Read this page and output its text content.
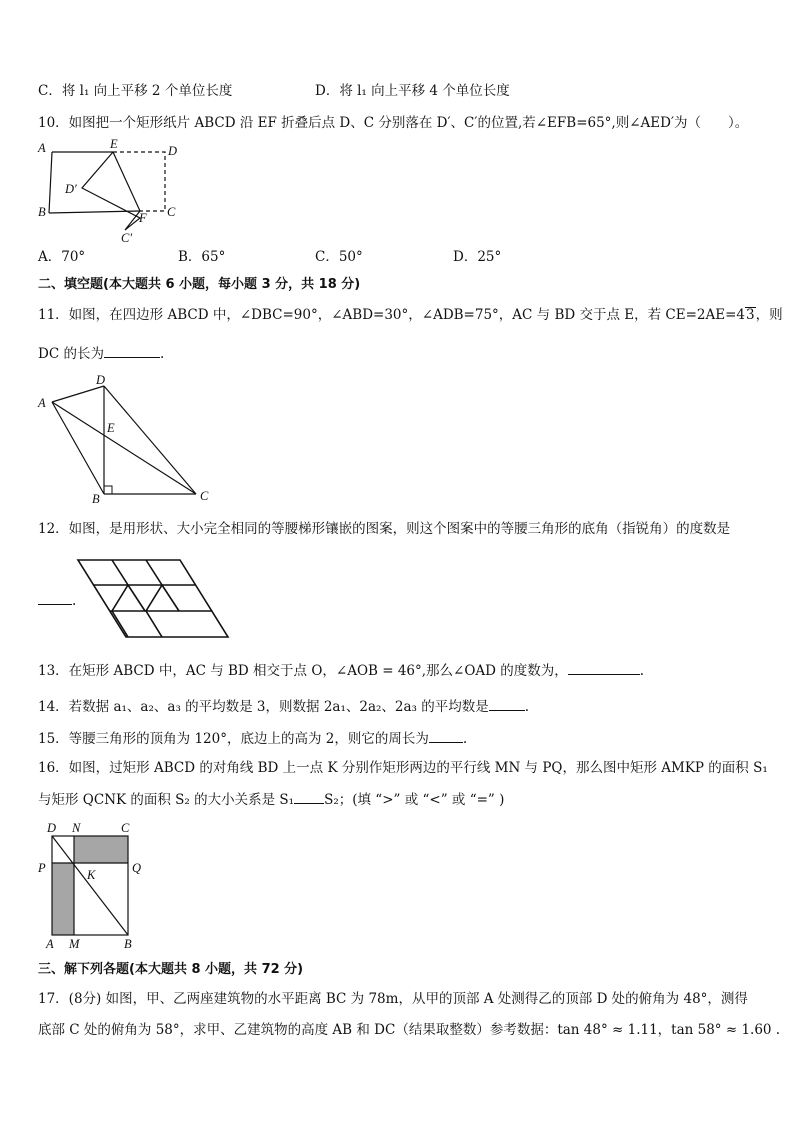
C．将 l₁ 向上平移 2 个单位长度	D．将 l₁ 向上平移 4 个单位长度
10．如图把一个矩形纸片 ABCD 沿 EF 折叠后点 D、C 分别落在 D′、C′的位置,若∠EFB=65°,则∠AED′为（　　）。
A	E	D
D′
B	F C
C′
A．70°	B．65°	C．50°	D．25°
二、填空题(本大题共 6 小题，每小题 3 分，共 18 分)
11．如图，在四边形 ABCD 中，∠DBC=90°，∠ABD=30°，∠ADB=75°，AC 与 BD 交于点 E，若 CE=2AE=43，则
DC 的长为	.
A
D
E
B	C
12．如图，是用形状、大小完全相同的等腰梯形镶嵌的图案，则这个图案中的等腰三角形的底角（指锐角）的度数是
.
13．在矩形 ABCD 中，AC 与 BD 相交于点 O，∠AOB = 46°,那么∠OAD 的度数为，	.
14．若数据 a₁、a₂、a₃ 的平均数是 3，则数据 2a₁、2a₂、2a₃ 的平均数是	.
15．等腰三角形的顶角为 120°，底边上的高为 2，则它的周长为	.
16．如图，过矩形 ABCD 的对角线 BD 上一点 K 分别作矩形两边的平行线 MN 与 PQ，那么图中矩形 AMKP 的面积 S₁
与矩形 QCNK 的面积 S₂ 的大小关系是 S₁ S₂；(填 “>” 或 “<” 或 “=” )
D N	C
P	K	Q
A M	B
三、解下列各题(本大题共 8 小题，共 72 分)
17．(8分) 如图，甲、乙两座建筑物的水平距离 BC 为 78m，从甲的顶部 A 处测得乙的顶部 D 处的俯角为 48°，测得
底部 C 处的俯角为 58°，求甲、乙建筑物的高度 AB 和 DC（结果取整数）参考数据：tan 48° ≈ 1.11，tan 58° ≈ 1.60 .
